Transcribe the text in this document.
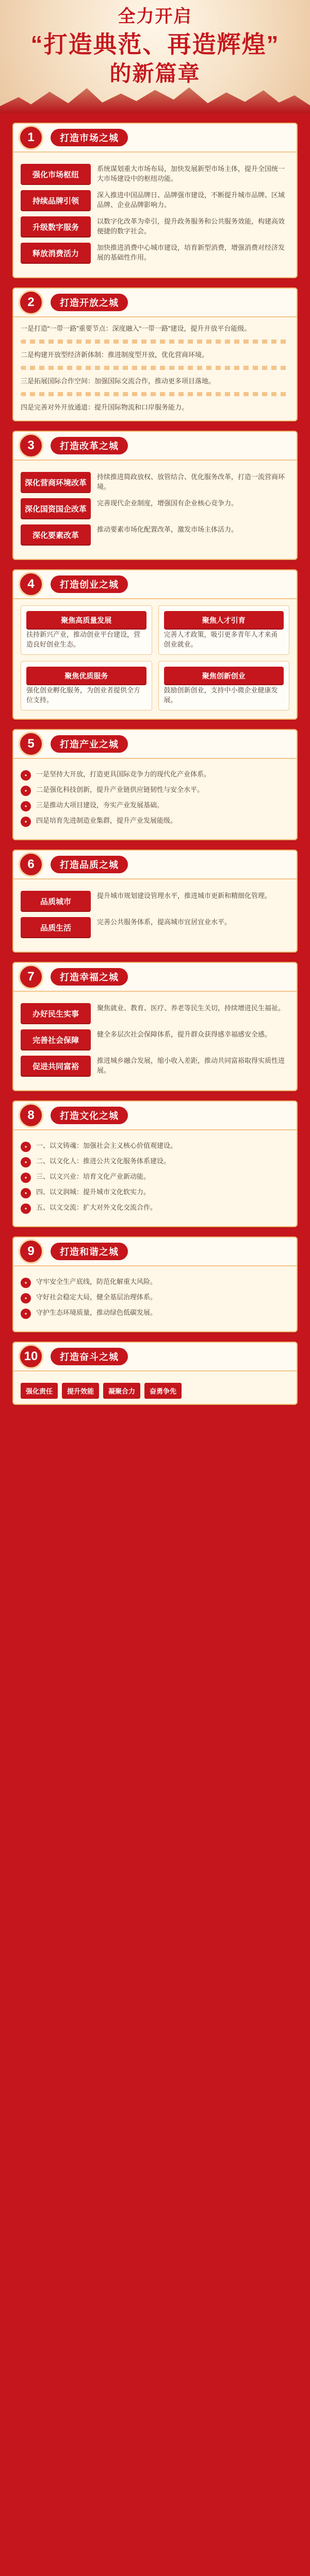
全力开启
“打造典范、再造辉煌”
的新篇章
1	打造市场之城
强化市场枢纽
系统谋划重大市场布局，加快发展新型市场主体，提升全国统一大市场建设中的枢纽功能。
持续品牌引领
深入推进中国品牌日、品牌强市建设，不断提升城市品牌、区域品牌、企业品牌影响力。
升级数字服务
以数字化改革为牵引，提升政务服务和公共服务效能，构建高效便捷的数字社会。
释放消费活力
加快推进消费中心城市建设，培育新型消费，增强消费对经济发展的基础性作用。
2	打造开放之城
一是打造“一带一路”重要节点：深度融入“一带一路”建设，提升开放平台能级。
二是构建开放型经济新体制：推进制度型开放，优化营商环境。
三是拓展国际合作空间：加强国际交流合作，推动更多项目落地。
四是完善对外开放通道：提升国际物流和口岸服务能力。
3	打造改革之城
深化营商环境改革
持续推进简政放权、放管结合、优化服务改革，打造一流营商环境。
深化国资国企改革
完善现代企业制度，增强国有企业核心竞争力。
深化要素改革
推动要素市场化配置改革，激发市场主体活力。
4	打造创业之城
聚焦高质量发展
扶持新兴产业，推动创业平台建设，营造良好创业生态。
聚焦人才引育
完善人才政策，吸引更多青年人才来甬创业就业。
聚焦优质服务
强化创业孵化服务，为创业者提供全方位支持。
聚焦创新创业
鼓励创新创业，支持中小微企业健康发展。
5	打造产业之城
•	一是坚持大开放，打造更具国际竞争力的现代化产业体系。
•	二是强化科技创新，提升产业链供应链韧性与安全水平。
•	三是推动大项目建设，夯实产业发展基础。
•	四是培育先进制造业集群，提升产业发展能级。
6	打造品质之城
品质城市
提升城市规划建设管理水平，推进城市更新和精细化管理。
品质生活
完善公共服务体系，提高城市宜居宜业水平。
7	打造幸福之城
办好民生实事
聚焦就业、教育、医疗、养老等民生关切，持续增进民生福祉。
完善社会保障
健全多层次社会保障体系，提升群众获得感幸福感安全感。
促进共同富裕
推进城乡融合发展，缩小收入差距，推动共同富裕取得实质性进展。
8	打造文化之城
•	一、以文铸魂：加强社会主义核心价值观建设。
•	二、以文化人：推进公共文化服务体系建设。
•	三、以文兴业：培育文化产业新动能。
•	四、以文润城：提升城市文化软实力。
•	五、以文交流：扩大对外文化交流合作。
9	打造和谐之城
•	守牢安全生产底线，防范化解重大风险。
•	守好社会稳定大局，健全基层治理体系。
•	守护生态环境质量，推动绿色低碳发展。
10	打造奋斗之城
强化责任	提升效能	凝聚合力	奋勇争先
